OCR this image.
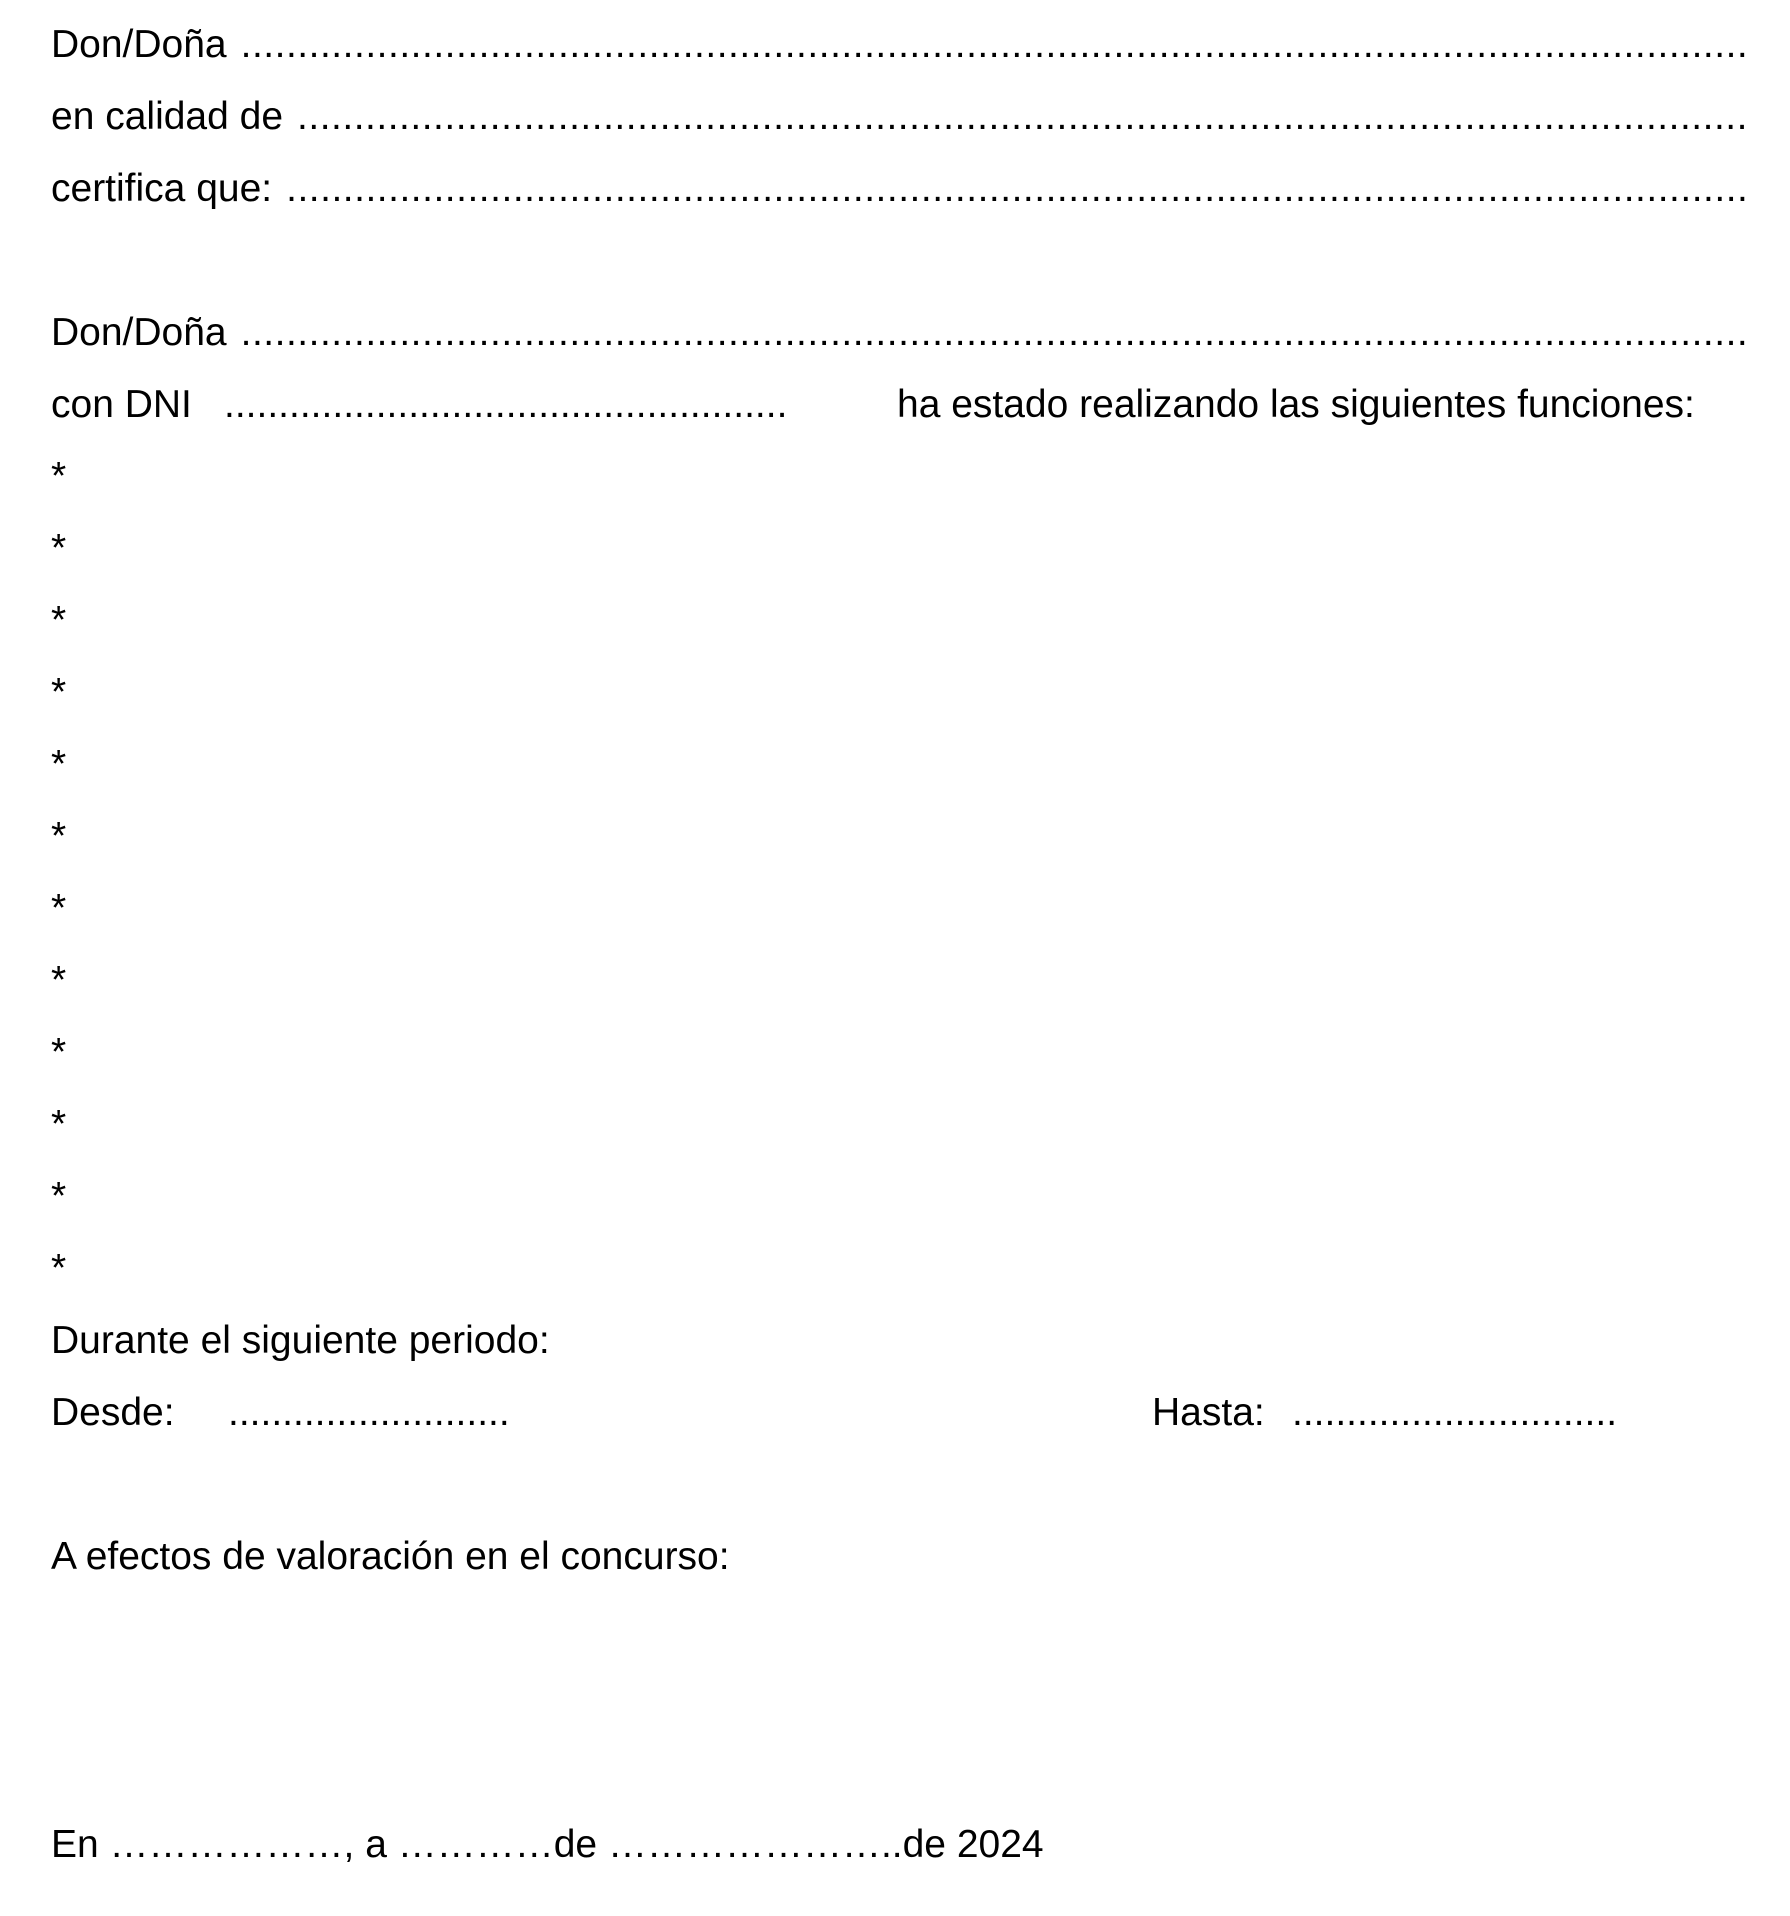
Don/Doña
.....
en calidad de
.....
certifica que:
.....
Don/Doña
.....
con DNI ....................................................	ha estado realizando las siguientes funciones:
*
*
*
*
*
*
*
*
*
*
*
*
Durante el siguiente periodo:
Desde: ..........................	Hasta: ..............................
A efectos de valoración en el concurso:
En ………………, a …………de …………………..de 2024
